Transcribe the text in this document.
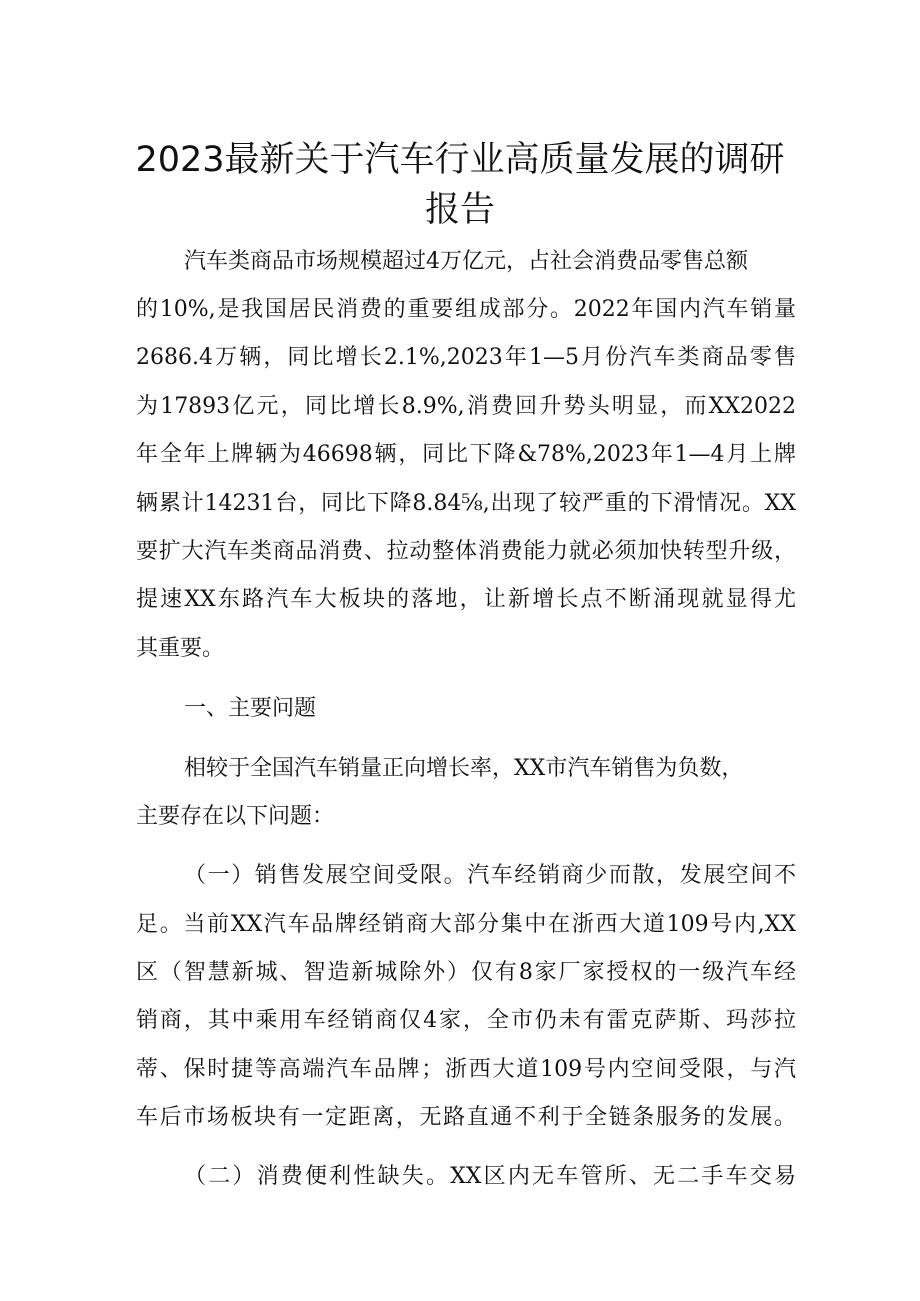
2023最新关于汽车行业高质量发展的调研
报告
汽车类商品市场规模超过4万亿元，占社会消费品零售总额
的10%,是我国居民消费的重要组成部分。2022年国内汽车销量
2686.4万辆，同比增长2.1%,2023年1—5月份汽车类商品零售
为17893亿元，同比增长8.9%,消费回升势头明显，而XX2022
年全年上牌辆为46698辆，同比下降&78%,2023年1—4月上牌
辆累计14231台，同比下降8.84⅝,出现了较严重的下滑情况。XX
要扩大汽车类商品消费、拉动整体消费能力就必须加快转型升级，
提速XX东路汽车大板块的落地，让新增长点不断涌现就显得尤
其重要。
一、主要问题
相较于全国汽车销量正向增长率，XX市汽车销售为负数，
主要存在以下问题：
（一）销售发展空间受限。汽车经销商少而散，发展空间不
足。当前XX汽车品牌经销商大部分集中在浙西大道109号内,XX
区（智慧新城、智造新城除外）仅有8家厂家授权的一级汽车经
销商，其中乘用车经销商仅4家，全市仍未有雷克萨斯、玛莎拉
蒂、保时捷等高端汽车品牌；浙西大道109号内空间受限，与汽
车后市场板块有一定距离，无路直通不利于全链条服务的发展。
（二）消费便利性缺失。XX区内无车管所、无二手车交易
